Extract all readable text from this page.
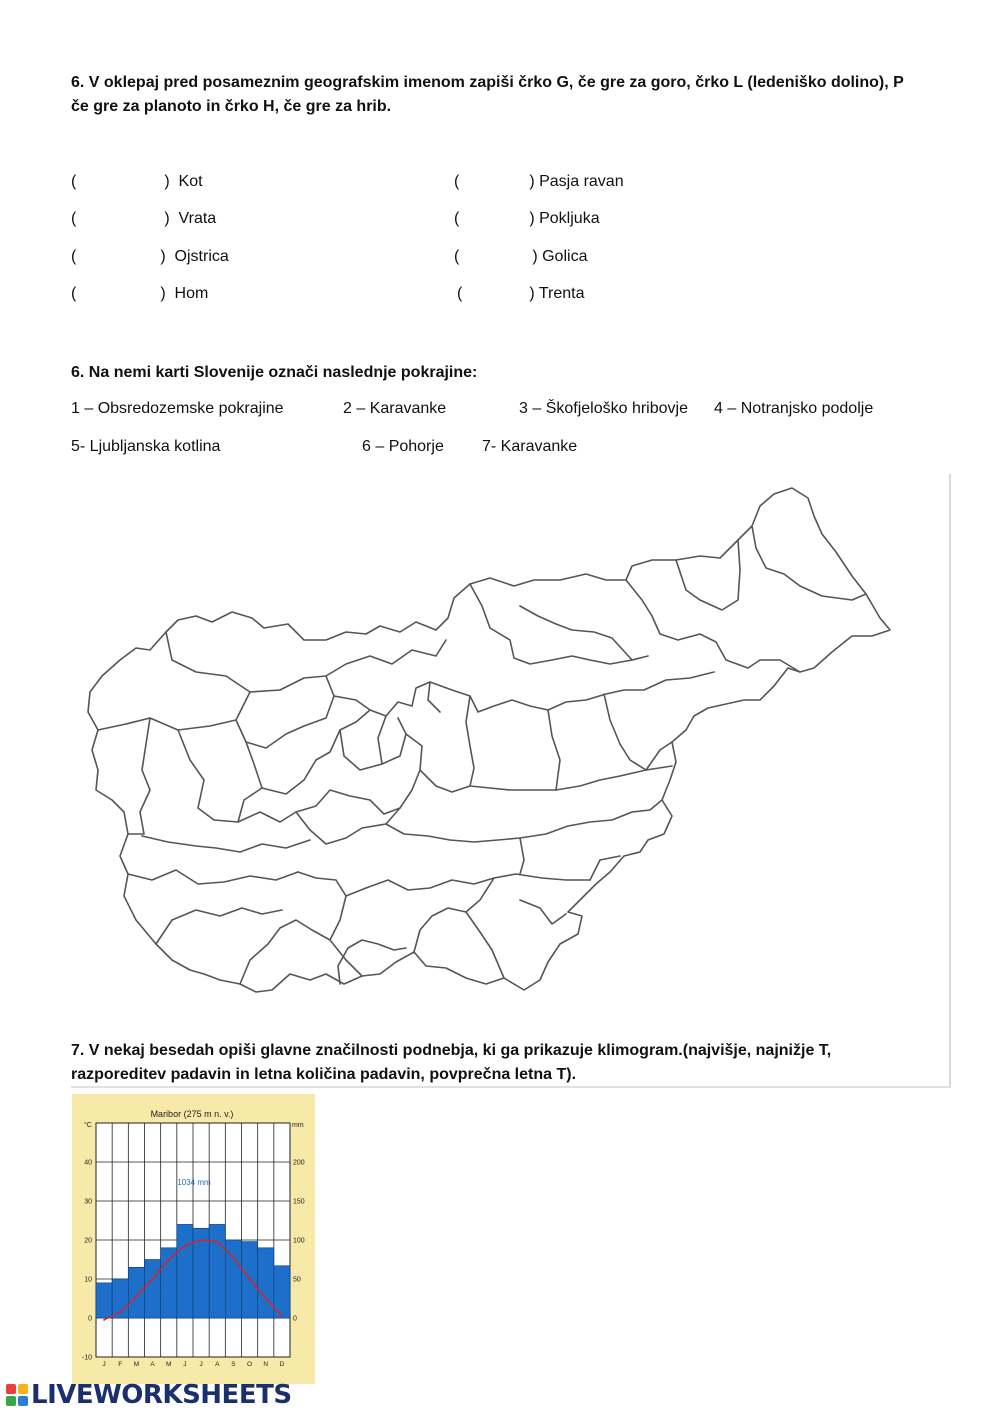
6. V oklepaj pred posameznim geografskim imenom zapiši črko G, če gre za goro, črko L (ledeniško dolino), P
če gre za planoto in črko H, če gre za hrib.
(	) Kot
(	) Vrata
(	) Ojstrica
(	) Hom
(	) Pasja ravan
(	) Pokljuka
(	) Golica
(	) Trenta
6. Na nemi karti Slovenije označi naslednje pokrajine:
1 – Obsredozemske pokrajine	2 – Karavanke	3 – Škofjeloško hribovje 4 – Notranjsko podolje
5- Ljubljanska kotlina	6 – Pohorje 7- Karavanke
7. V nekaj besedah opiši glavne značilnosti podnebja, ki ga prikazuje klimogram.(najvišje, najnižje T,
razporeditev padavin in letna količina padavin, povprečna letna T).
Maribor (275 m n. v.)
°C	mm
-10
0
10
20
30
40
0
50
100
150
200
J F M A M J J A S O N D
1034 mm
LIVEWORKSHEETS
